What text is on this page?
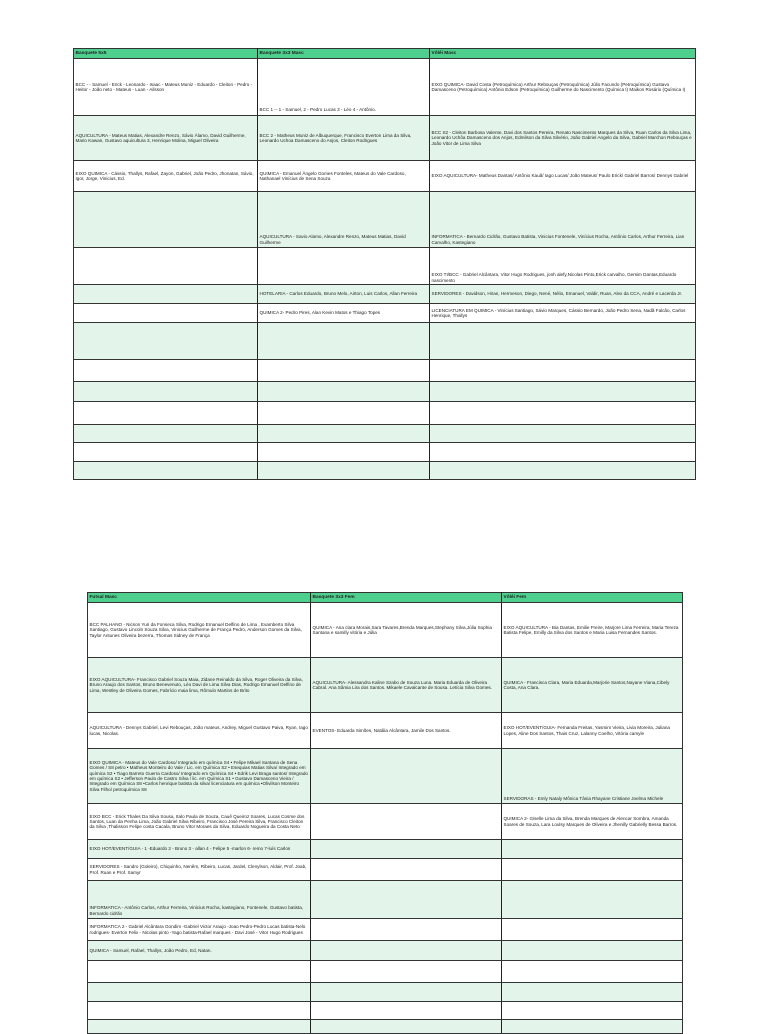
Basquete 5x5	Basquete 3x3 Masc	Vôlêi Masc
BCC - - Samuel - Erick - Leonardo - Isaac - Mateus Muniz - Eduardo - Cleiton - Pedro - Heitor - João neto - Mateus - Luan - Ailsson	BCC 1 -- 1 - Samuel, 2 - Pedro Lucas 3 - Léo 4 - Antônio.	EIXO QUIMICA- David Costa (Petroquímica) Arthur Rebouças (Petroquímica) Júlio Facundo (Petroquímica) Gustavo Damasceno (Petroquímica) Antônio Edson (Petroquímica) Guilherme do Nascimento (Química I) Maikon Rosário (Química I)
AQUICULTURA - Mateus Matias, Alexandre Renzo, Sávio Álamo, David Guilherme, Mario Kawan, Gustavo aquicultura 3, Henrique Molina, Miguel Oliveira	BCC 2 - Matheus Muniz de Albuquerque, Francisco Everton Lima da Silva, Leonardo Uchoa Damasceno do Anjos, Cleiton Rodrigues	BCC S2 - Cleiton Barbosa Valente, Davi dos Santos Pereira, Renato Nascimento Marques da Silva, Ruan Carlos da Silva Lima, Leonardo Uchôa Damasceno dos Anjos, Edmilson da Silva Silvério, João Gabriel Angelo da Silva, Gabriel Marchon Rebouças e João Vitor de Lima Silva
EIXO QUIMICA - Cássio, Thallys, Rafael, Zayon, Gabriel, João Pedro, Jhonatan, Sávio, Igor, Jorge, Vinicius, Ed.	QUIMICA - Emanuel Ângelo Gomes Fonteles, Mateus do Vale Cardoso, Nathanael Vinícius de Sena Souza	EIXO AQUICULTURA- Matheus Dantas/ Antônio Kauã/ Iago Lucas/ João Mateus/ Paulo Erick/ Gabriel Barros/ Dennys Gabriel
	AQUICULTURA - Savio Alamo, Alexandre Renzo, Mateus Matias, David Guilherme	INFORMATICA - Bernardo Cidrão, Gustavo Batista, Vinicius Fontenele, Vinícius Rocha, Antônio Carlos, Arthur Ferreira, Lian Carvalho, Kastegiano
		EIXO TI/BCC - Gabriel Alcântara, Vitor Hugo Rodrigues, jonh alefy,Nicolas Pinto,Erick carvalho, Gersim Dantas,Eduardo nascimento
	HOTELARIA - Carlos Eduardo, Bruno Melo, Airton, Luis Carlos, Allan Ferreira	SERVIDORES - Davidson, Hiran, Hermeson, Diego, Nené, Nélio, Emanuel, Valdir, Ruan, Alex da CCA, André e Lacerda Jr.
	QUIMICA 2- Pedro Pires, Alan Kevin Matos e Thiago Topes	LICENCIATURA EM QUIMICA - Vinícius Santiago, Sávio Marques, Cássio Bernardo, João Pedro Sena, Nadã Falcão, Carlos Henrique, Thallys

Futsal Masc	Basquete 3x3 Fem	Vôlêi Fem
BCC PALHANO - Nicson Yuri da Fonseca Silva, Rodrigo Emanuel Delfino de Lima , Evamberto Silva Santiago, Gustavo Lincoln Souza Silva, Vinicius Guilherme de França Pedro, Anderson Gomes da Silva, Taylor Antunes Oliveira bezerra, Thomas Sidney de França	QUIMICA - Ana clara Morais,Sara Tavares,Brenda Marques,Stephany Silva,Júlia Sophia Santana e samilly vitória e Júlia	EIXO AQUICULTURA - Bia Dantas, Emilie Freire, Marjore Lima Ferreira, Maria Tereza Batista Felipe, Emilly da Silva dos Santos e Maria Luisa Fernandes Santos.
EIXO AQUICULTURA- Francisco Gabriel Souza Maia, Zidane Reinaldo da Silva, Roger Oliveira da Silva, Bruno Araujo dos Santos, Bruno Benevenuto, Léo Davi de Lima Silva Dias, Rodrigo Emanuel Delfino de Lima, Westley de Oliveira Gomes, Fabrício maia lima, Rômulo Martins de Brito	AQUICULTURA- Alessandra Kaline Szabo de Souza Luna. Maria Eduarda de Oliveira Cabral. Ana Sâmia Lira dos Santos. Mikaele Cavalcante de Sousa. Letícia Silva Gomes.	QUIMICA - Francisca Clara, Maria Eduarda,Marjorie Santos,Nayane Viana,Cibely Costa, Ana Clara.
AQUICULTURA - Dennys Gabriel, Levi Rebouças, João mateus, Andrey, Miguel Gustavo Paiva, Ryan, Iago lucas, Nicolas.	EVENTOS- Eduarda Simões, Natália Alcântara, Jamile Dos Santos.	EIXO HOT/EVENT/GUIA- Fernanda Freitas, Yasmim Vieira, Livia Moreira, Juliana Lopes, Aline Dos Santos, Thais Cruz, Lalanny Coelho, Vitória camyle
EIXO QUIMICA - Mateus do Vale Cardoso/ Integrado em química S4 • Felipe Mikael Santana de Sena Gomes / S8 petro • Matheus Monteiro do Vale / Lic. em Química S2 • Esequias Matias Silva/ Integrado em química S2 • Tiago Barreto Guerra Cardoso/ Integrado em Química S4 • Edrik Levi Braga santos/ Integrado em química S2 • Jefferson Paulo de Castro Silva / lic. em Química S1 • Gustavo Damasceno Vieira / Integrado em Química S8 •Carlos henrique batista da silva/ licenciatura em química •Olivilson Monteiro Silva Filho/ petroquímica S8		SERVIDORAS - Emly Nataly Mônica Tânia Rhayane Cristiane Joelma Michele
EIXO BCC - Erick Thales Da Silva Sousa, Italo Paula de Souza, Cauê Queiroz Soares, Lucas Cosme dos Santos, Luan da Penha Lima, João Gabriel Silva Ribeiro, Francisco José Pereira Silva, Francisco Cleiton da Silva ,Thalisson Felipe costa Cacala, Bruno Vitor Moraes da Silva, Eduardo Nogueira da Costa Neto		QUIMICA 2- Giselle Lima da Silva, Brenda Marques de Alencar Sombra, Amanda Soares de Souza, Lara Loulsy Marques de Oliveira e Jhenilly Gabrielly Bessa Barros.
EIXO HOT/EVENT/GUIA - 1 -Eduardo 2 - Bruno 3 - allan 4 - Felipe 5 -marlon 6- remo 7-luís Carlos		
SERVIDORES - Sandro (Goleiro), Chiquinho, Nenêm, Ribeiro, Lucas, Jardel, Clenylson, Aldair, Prof. Joab, Prof. Ruan e Prof. Samyr		
INFORMATICA - Antônio Carlos, Arthur Ferreira, Vinicius Rocha, kastegiano, Fontenele, Gustavo batista, Bernardo cidrão		
INFORMATICA 2 - Gabriel Alcântara Gondim -Gabriel Victor Araujo -Joao Pedro-Pedro Lucas batista-Nelo rodrigues- Everton Felix - Nicolas pinto -Yago batista-Rafael marques - Davi José - Vitor Hugo Rodrigues		
QUIMICA - Samuel, Rafael, Thallys, João Pedro, Ed, Natan.		
